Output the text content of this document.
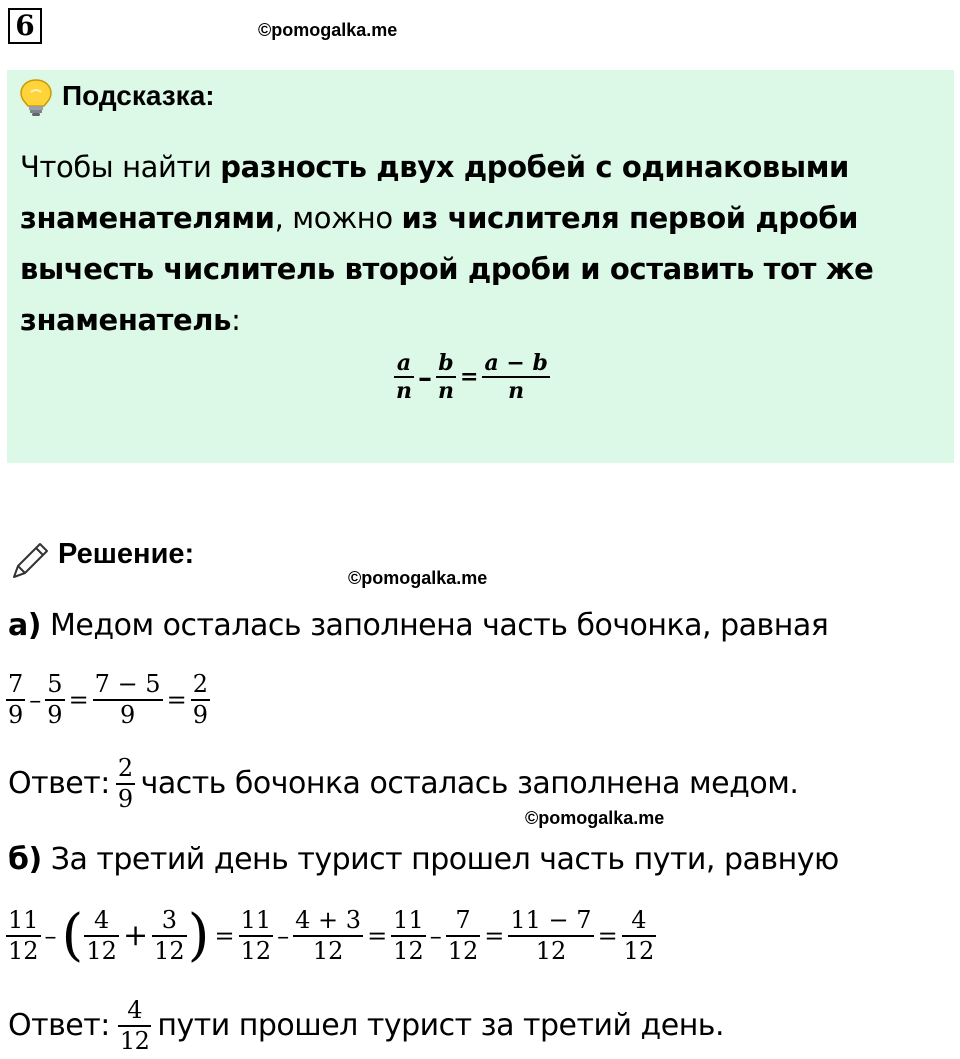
6	©pomogalka.me
©pomogalka.me
©pomogalka.me
Подсказка:
Чтобы найти разность двух дробей с одинаковыми знаменателями, можно из числителя первой дроби вычесть числитель второй дроби и оставить тот же знаменатель:
$\frac{a}{n} - \frac{b}{n} = \frac{a - b}{n}$
Решение:
а) Медом осталась заполнена часть бочонка, равная
$\frac{7}{9} - \frac{5}{9} = \frac{7 - 5}{9} = \frac{2}{9}$
Ответ: $\frac{2}{9}$ часть бочонка осталась заполнена медом.
б) За третий день турист прошел часть пути, равную
$\frac{11}{12}$ – ( $\frac{4}{12} + \frac{3}{12}$ ) = $\frac{11}{12} - \frac{4 + 3}{12} = \frac{11}{12} - \frac{7}{12} = \frac{11 - 7}{12} = \frac{4}{12}$
Ответ: $\frac{4}{12}$ пути прошел турист за третий день.
